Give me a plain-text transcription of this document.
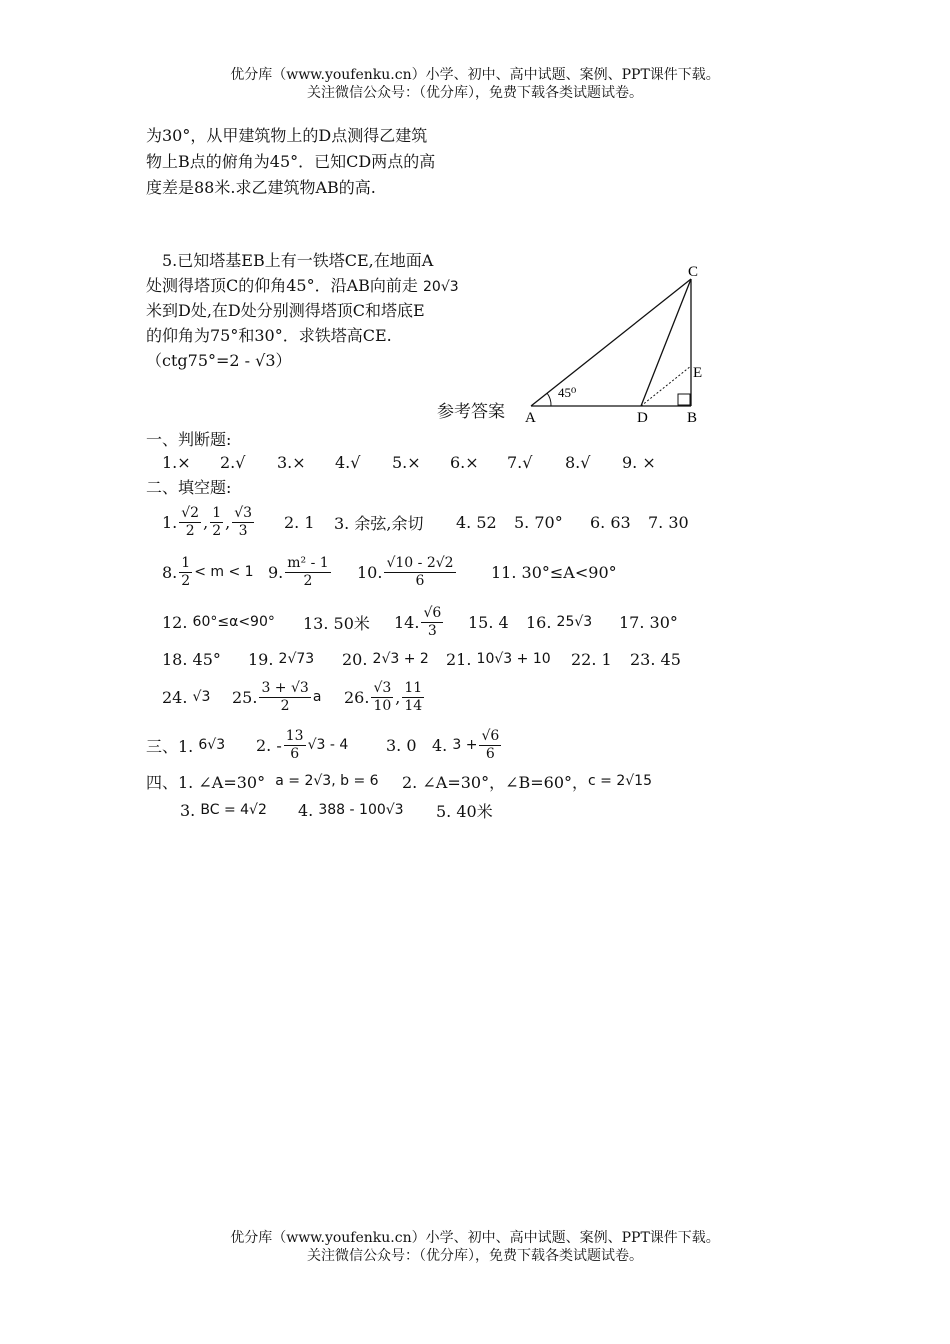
优分库（www.youfenku.cn）小学、初中、高中试题、案例、PPT课件下载。
关注微信公众号：（优分库），免费下载各类试题试卷。
为30°，从甲建筑物上的D点测得乙建筑
物上B点的俯角为45°．已知CD两点的高
度差是88米.求乙建筑物AB的高.
5.已知塔基EB上有一铁塔CE,在地面A
处测得塔顶C的仰角45°．沿AB向前走 20√3
米到D处,在D处分别测得塔顶C和塔底E
的仰角为75°和30°．求铁塔高CE.
（ctg75°=2 - √3）
C
E
A	D	B
45⁰
参考答案
一、判断题:
1.× 2.√ 3.× 4.√ 5.× 6.× 7.√ 8.√ 9. ×
二、填空题:
1. $\frac{√2}{2}$ , $\frac{1}{2}$ , $\frac{√3}{3} 2$. 1 3. 余弦,余切 4. 52 5. 70° 6. 63 7. 30
8. $\frac{1}{2} < m < 1$ 9. $\frac{\text{m² - 1}}{2} 10$. $\frac{√10 - 2√2}{6} 11$. 30°≤A<90°
12.
60°≤α<90° 13. 50米 14. $\frac{√6}{3} 15$. 4 16.
25√3 17. 30°
18. 45° 19.
2√73 20.
2√3 + 2 21.
10√3 + 10 22. 1 23. 45
24.
√3 25. $\frac{3 + √3}{2}$ a 26. $\frac{√3}{10}$ , $\frac{11}{14}$
三、1.
6√3 2. - $\frac{13}{6} √3 - 4$ 3. 0 4.
$3 + \frac{√6}{6}$
四、1. ∠A=30°
a = 2√3, b = 6 2. ∠A=30°，∠B=60°， c = 2√15
3.
BC = 4√2 4.
388 - 100√3 5. 40米
优分库（www.youfenku.cn）小学、初中、高中试题、案例、PPT课件下载。
关注微信公众号：（优分库），免费下载各类试题试卷。
